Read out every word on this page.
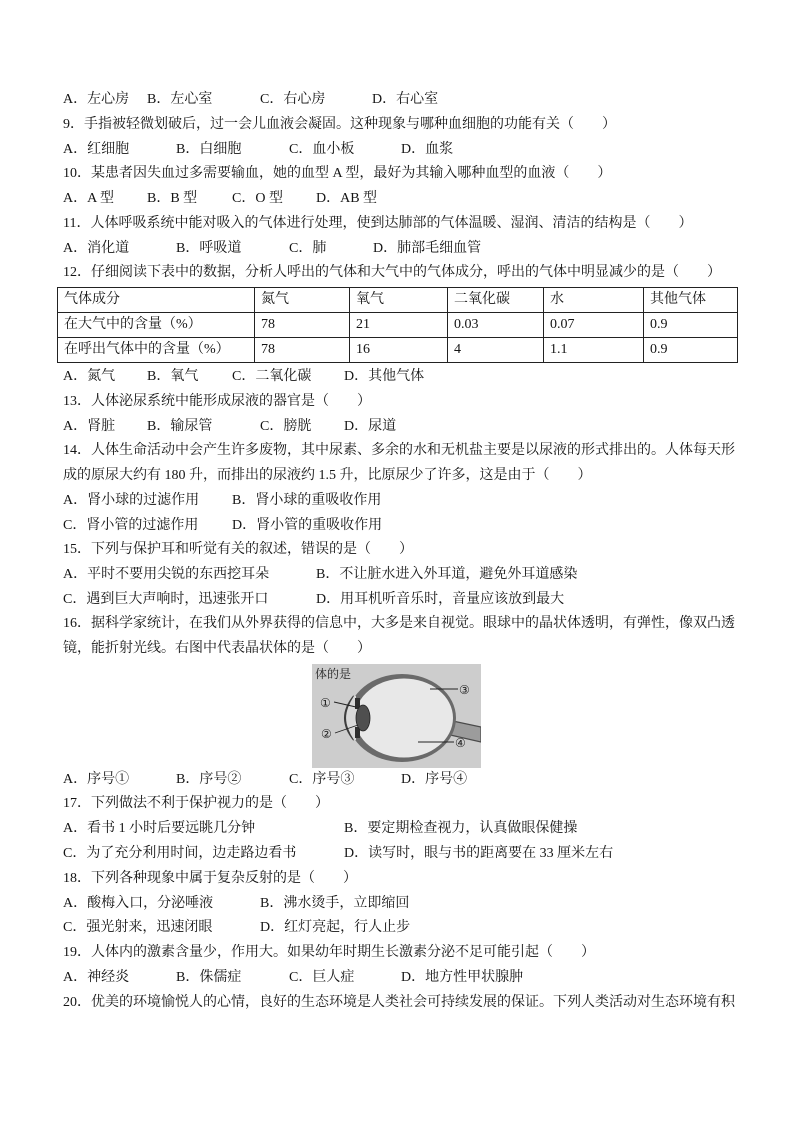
A．左心房 B．左心室	C．右心房	D．右心室
9．手指被轻微划破后，过一会儿血液会凝固。这种现象与哪种血细胞的功能有关（　　）
A．红细胞	B．白细胞	C．血小板	D．血浆
10．某患者因失血过多需要输血，她的血型 A 型，最好为其输入哪种血型的血液（　　）
A．A 型 B．B 型 C．O 型 D．AB 型
11．人体呼吸系统中能对吸入的气体进行处理，使到达肺部的气体温暖、湿润、清洁的结构是（　　）
A．消化道	B．呼吸道	C．肺	D．肺部毛细血管
12．仔细阅读下表中的数据，分析人呼出的气体和大气中的气体成分，呼出的气体中明显减少的是（　　）
气体成分	氮气	氧气	二氧化碳	水	其他气体
在大气中的含量（%）	78	21	0.03	0.07	0.9
在呼出气体中的含量（%）	78	16	4	1.1	0.9
A．氮气 B．氧气 C．二氧化碳 D．其他气体
13．人体泌尿系统中能形成尿液的器官是（　　）
A．肾脏 B．输尿管	C．膀胱 D．尿道
14．人体生命活动中会产生许多废物，其中尿素、多余的水和无机盐主要是以尿液的形式排出的。人体每天形
成的原尿大约有 180 升，而排出的尿液约 1.5 升，比原尿少了许多，这是由于（　　）
A．肾小球的过滤作用 B．肾小球的重吸收作用
C．肾小管的过滤作用 D．肾小管的重吸收作用
15．下列与保护耳和听觉有关的叙述，错误的是（　　）
A．平时不要用尖锐的东西挖耳朵	B．不让脏水进入外耳道，避免外耳道感染
C．遇到巨大声响时，迅速张开口	D．用耳机听音乐时，音量应该放到最大
16．据科学家统计，在我们从外界获得的信息中，大多是来自视觉。眼球中的晶状体透明，有弹性，像双凸透
镜，能折射光线。右图中代表晶状体的是（　　）
体的是
①
②
③
④
A．序号①	B．序号②	C．序号③	D．序号④
17．下列做法不利于保护视力的是（　　）
A．看书 1 小时后要远眺几分钟	B．要定期检查视力，认真做眼保健操
C．为了充分利用时间，边走路边看书	D．读写时，眼与书的距离要在 33 厘米左右
18．下列各种现象中属于复杂反射的是（　　）
A．酸梅入口，分泌唾液	B．沸水烫手，立即缩回
C．强光射来，迅速闭眼	D．红灯亮起，行人止步
19．人体内的激素含量少，作用大。如果幼年时期生长激素分泌不足可能引起（　　）
A．神经炎	B．侏儒症	C．巨人症	D．地方性甲状腺肿
20．优美的环境愉悦人的心情，良好的生态环境是人类社会可持续发展的保证。下列人类活动对生态环境有积
